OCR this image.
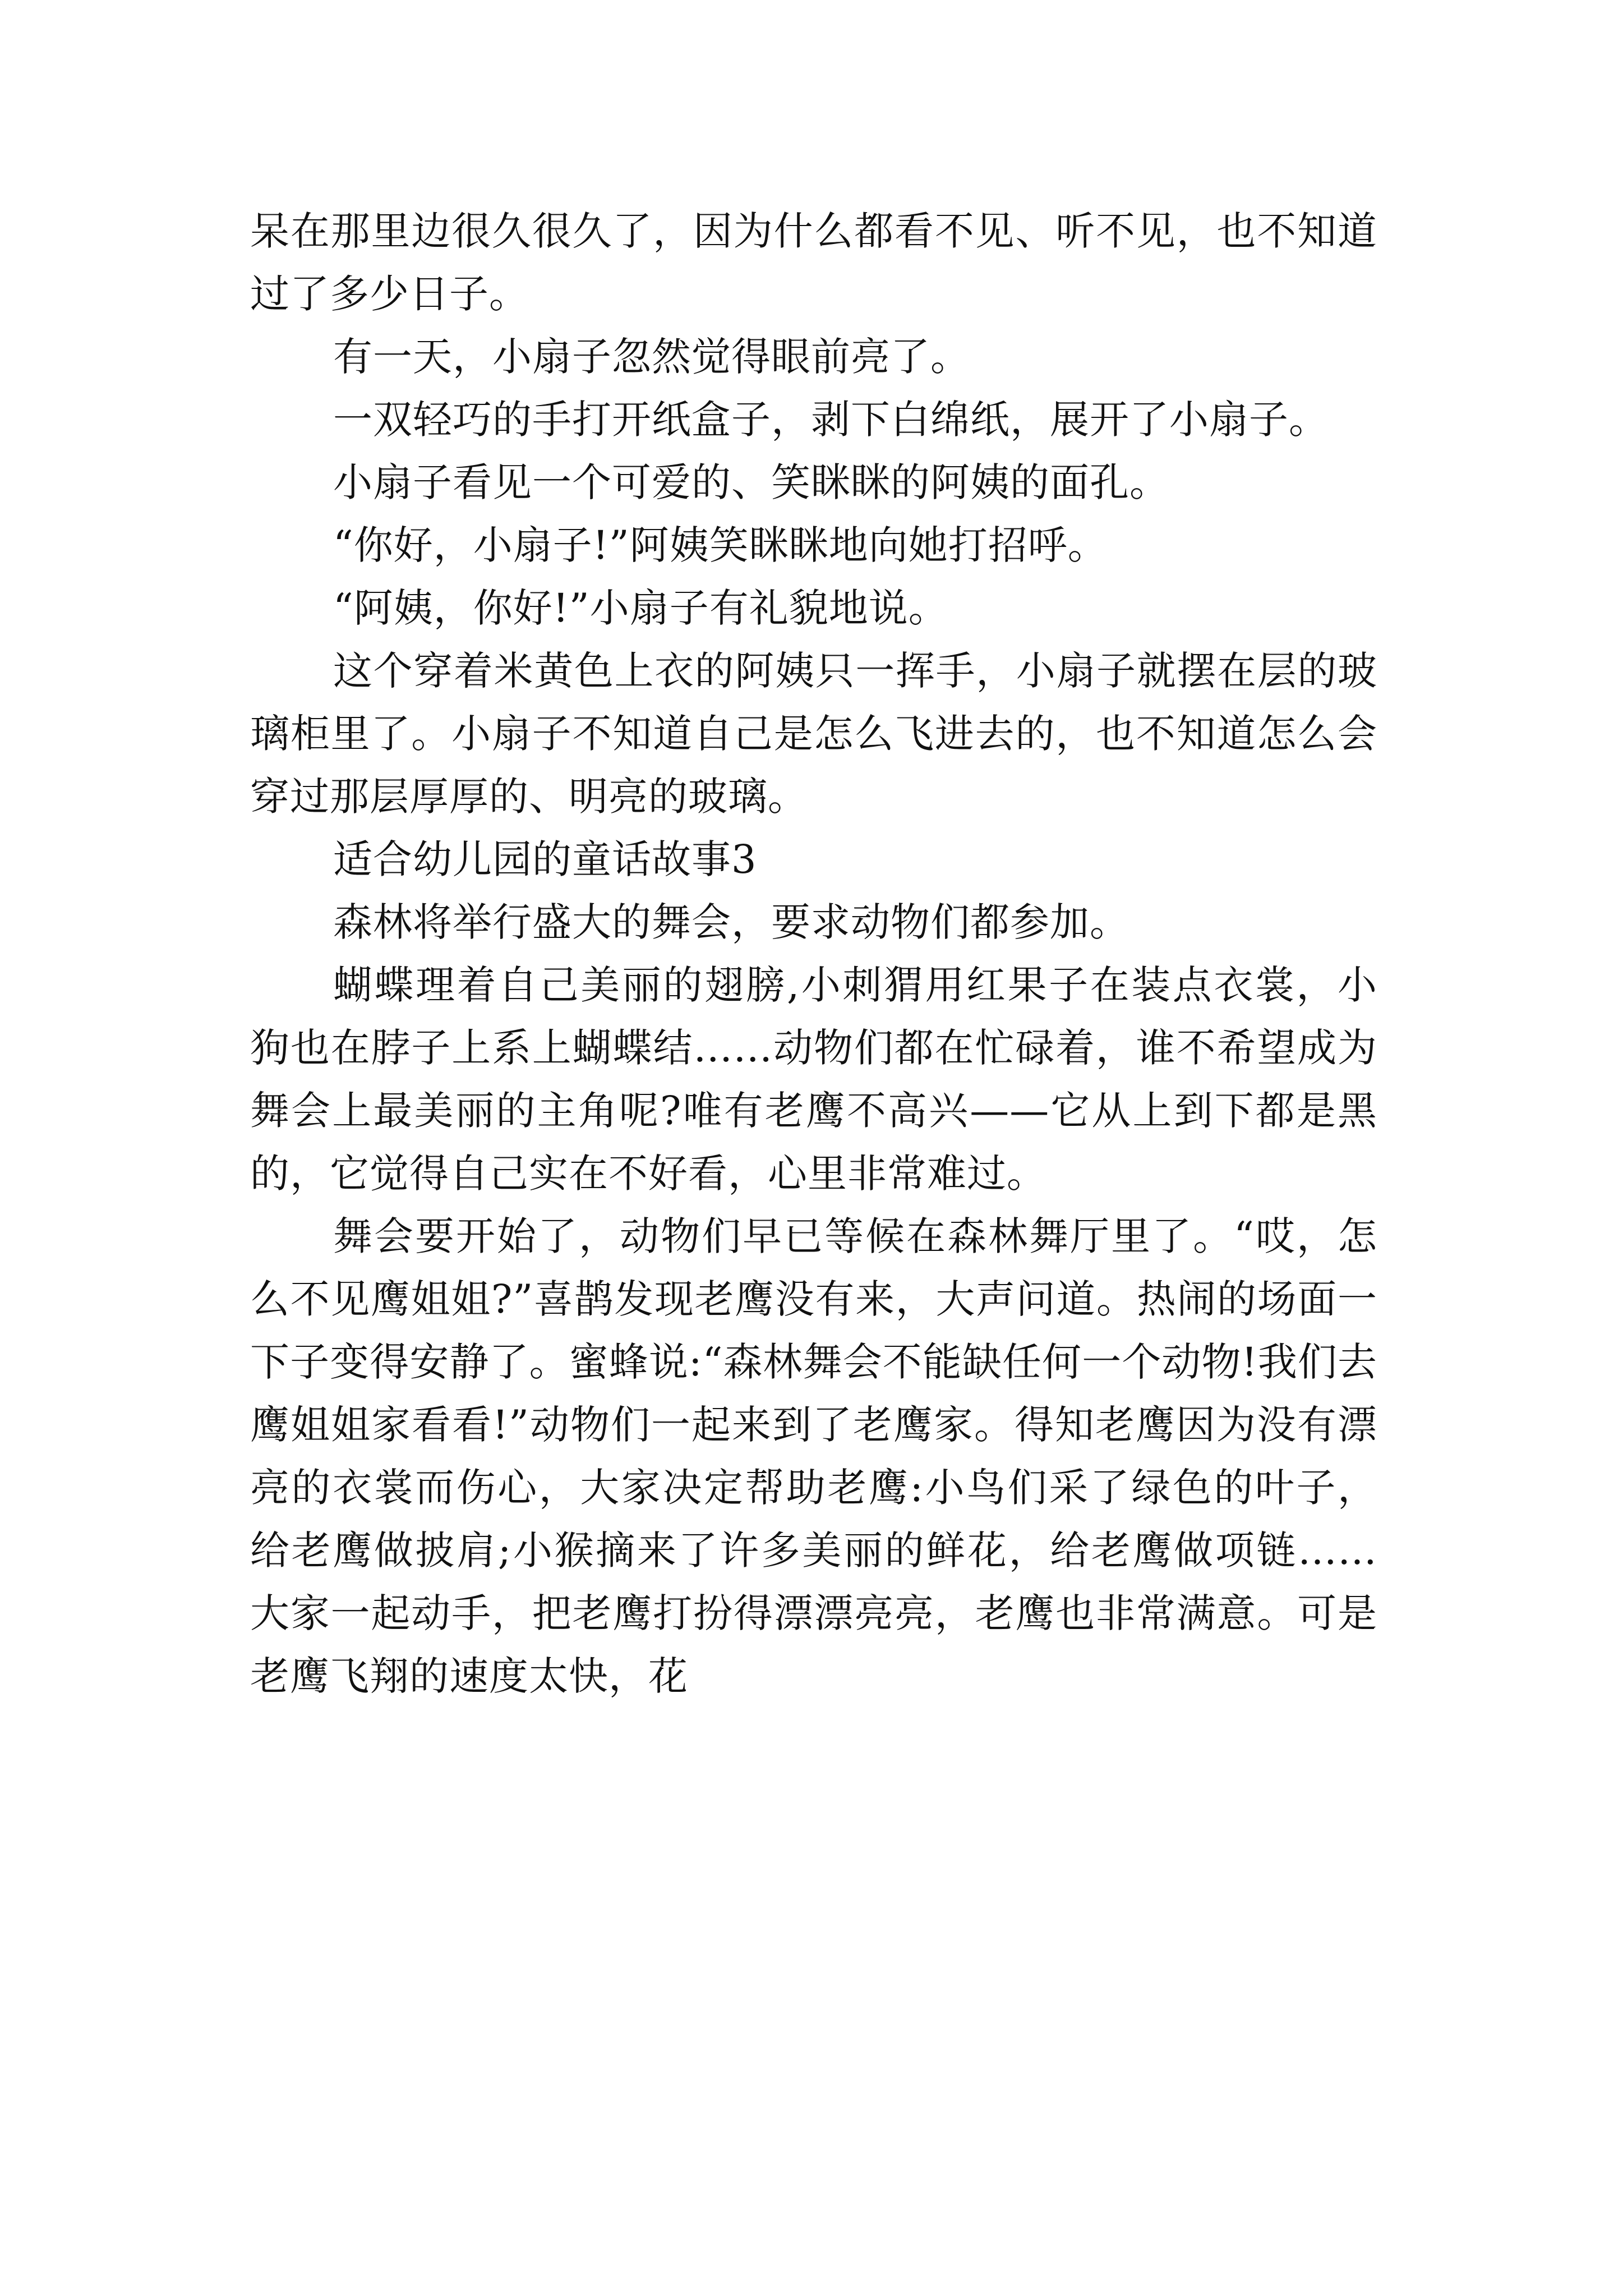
呆在那里边很久很久了，因为什么都看不见、听不见，也不知道过了多少日子。

有一天，小扇子忽然觉得眼前亮了。

一双轻巧的手打开纸盒子，剥下白绵纸，展开了小扇子。

小扇子看见一个可爱的、笑眯眯的阿姨的面孔。

“你好，小扇子!”阿姨笑眯眯地向她打招呼。

“阿姨，你好!”小扇子有礼貌地说。

这个穿着米黄色上衣的阿姨只一挥手，小扇子就摆在层的玻璃柜里了。小扇子不知道自己是怎么飞进去的，也不知道怎么会穿过那层厚厚的、明亮的玻璃。

适合幼儿园的童话故事3

森林将举行盛大的舞会，要求动物们都参加。

蝴蝶理着自己美丽的翅膀,小刺猬用红果子在装点衣裳，小狗也在脖子上系上蝴蝶结……动物们都在忙碌着，谁不希望成为舞会上最美丽的主角呢?唯有老鹰不高兴——它从上到下都是黑的，它觉得自己实在不好看，心里非常难过。

舞会要开始了，动物们早已等候在森林舞厅里了。“哎，怎么不见鹰姐姐?”喜鹊发现老鹰没有来，大声问道。热闹的场面一下子变得安静了。蜜蜂说:“森林舞会不能缺任何一个动物!我们去鹰姐姐家看看!”动物们一起来到了老鹰家。得知老鹰因为没有漂亮的衣裳而伤心，大家决定帮助老鹰:小鸟们采了绿色的叶子，给老鹰做披肩;小猴摘来了许多美丽的鲜花，给老鹰做项链……大家一起动手，把老鹰打扮得漂漂亮亮，老鹰也非常满意。可是老鹰飞翔的速度太快，花
